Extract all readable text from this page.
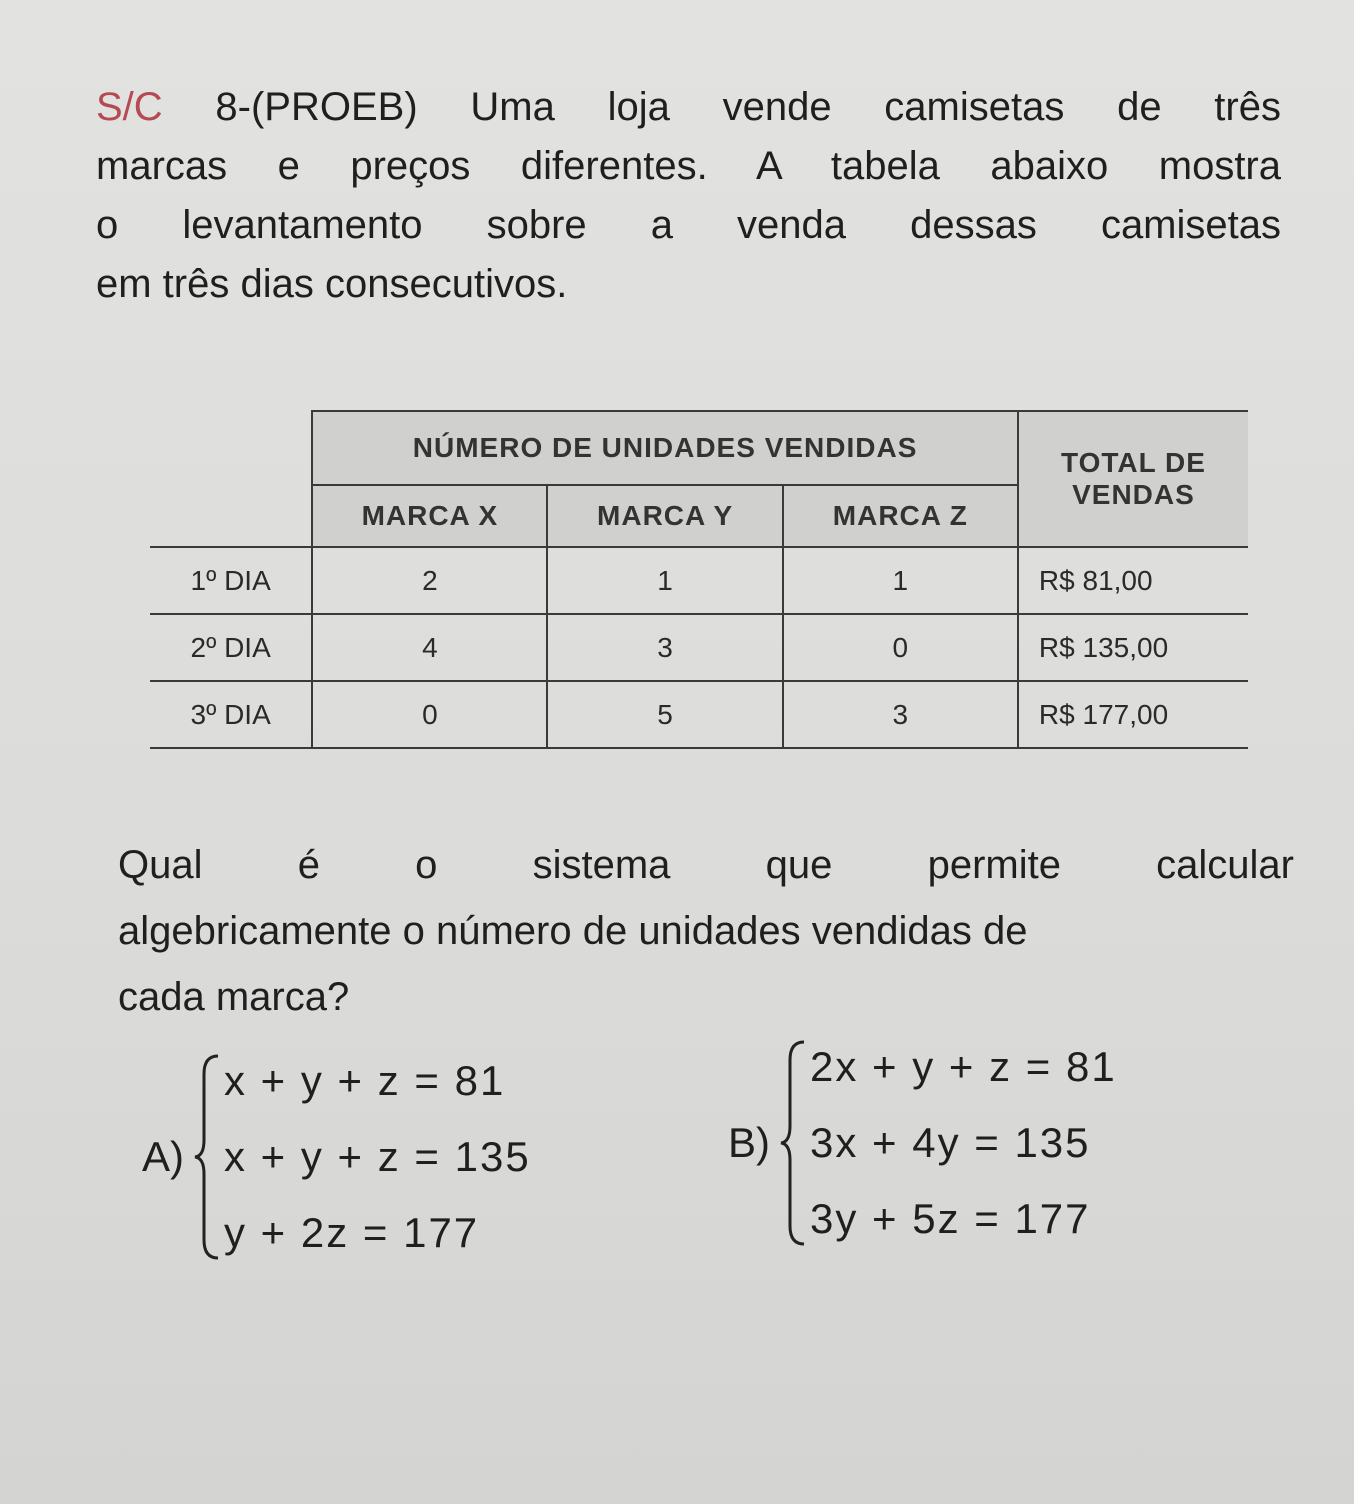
S/C 8-(PROEB) Uma loja vende camisetas de três
marcas e preços diferentes. A tabela abaixo mostra
o levantamento sobre a venda dessas camisetas
em três dias consecutivos.

	NÚMERO DE UNIDADES VENDIDAS			TOTAL DE VENDAS
	MARCA X	MARCA Y	MARCA Z	
1º DIA	2	1	1	R$ 81,00
2º DIA	4	3	0	R$ 135,00
3º DIA	0	5	3	R$ 177,00

Qual é o sistema que permite calcular
algebricamente o número de unidades vendidas de
cada marca?

A)
x + y + z = 81
x + y + z = 135
y + 2z = 177
B)
2x + y + z = 81
3x + 4y = 135
3y + 5z = 177
